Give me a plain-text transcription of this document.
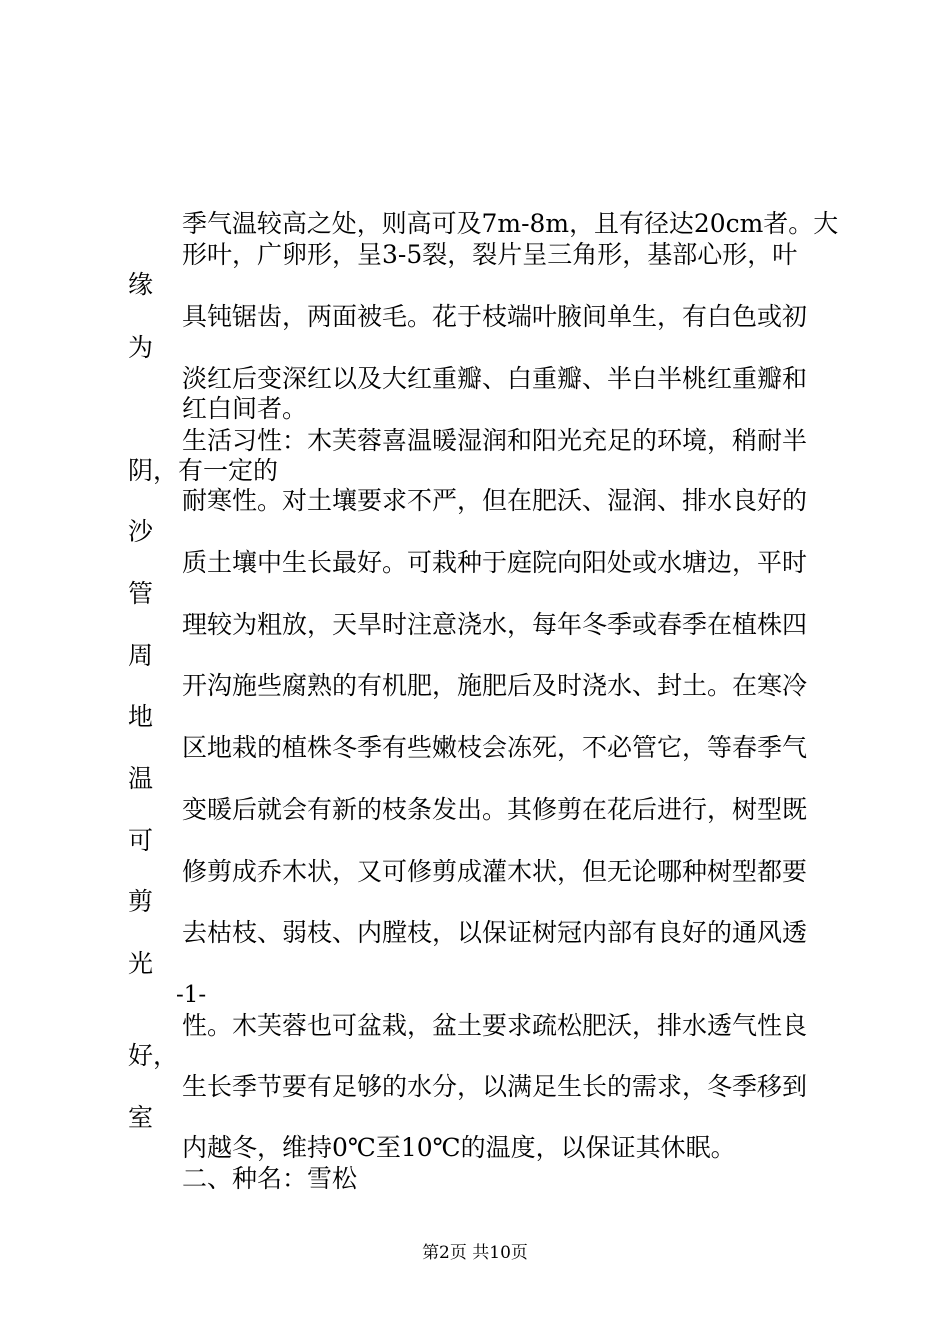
季气温较高之处，则高可及7m-8m，且有径达20cm者。大
形叶，广卵形，呈3-5裂，裂片呈三角形，基部心形，叶
缘
具钝锯齿，两面被毛。花于枝端叶腋间单生，有白色或初
为
淡红后变深红以及大红重瓣、白重瓣、半白半桃红重瓣和
红白间者。
生活习性：木芙蓉喜温暖湿润和阳光充足的环境，稍耐半
阴，有一定的
耐寒性。对土壤要求不严，但在肥沃、湿润、排水良好的
沙
质土壤中生长最好。可栽种于庭院向阳处或水塘边，平时
管
理较为粗放，天旱时注意浇水，每年冬季或春季在植株四
周
开沟施些腐熟的有机肥，施肥后及时浇水、封土。在寒冷
地
区地栽的植株冬季有些嫩枝会冻死，不必管它，等春季气
温
变暖后就会有新的枝条发出。其修剪在花后进行，树型既
可
修剪成乔木状，又可修剪成灌木状，但无论哪种树型都要
剪
去枯枝、弱枝、内膛枝，以保证树冠内部有良好的通风透
光
-1-
性。木芙蓉也可盆栽，盆土要求疏松肥沃，排水透气性良
好，
生长季节要有足够的水分，以满足生长的需求，冬季移到
室
内越冬，维持0℃至10℃的温度，以保证其休眠。
二、种名：雪松
第2页 共10页
